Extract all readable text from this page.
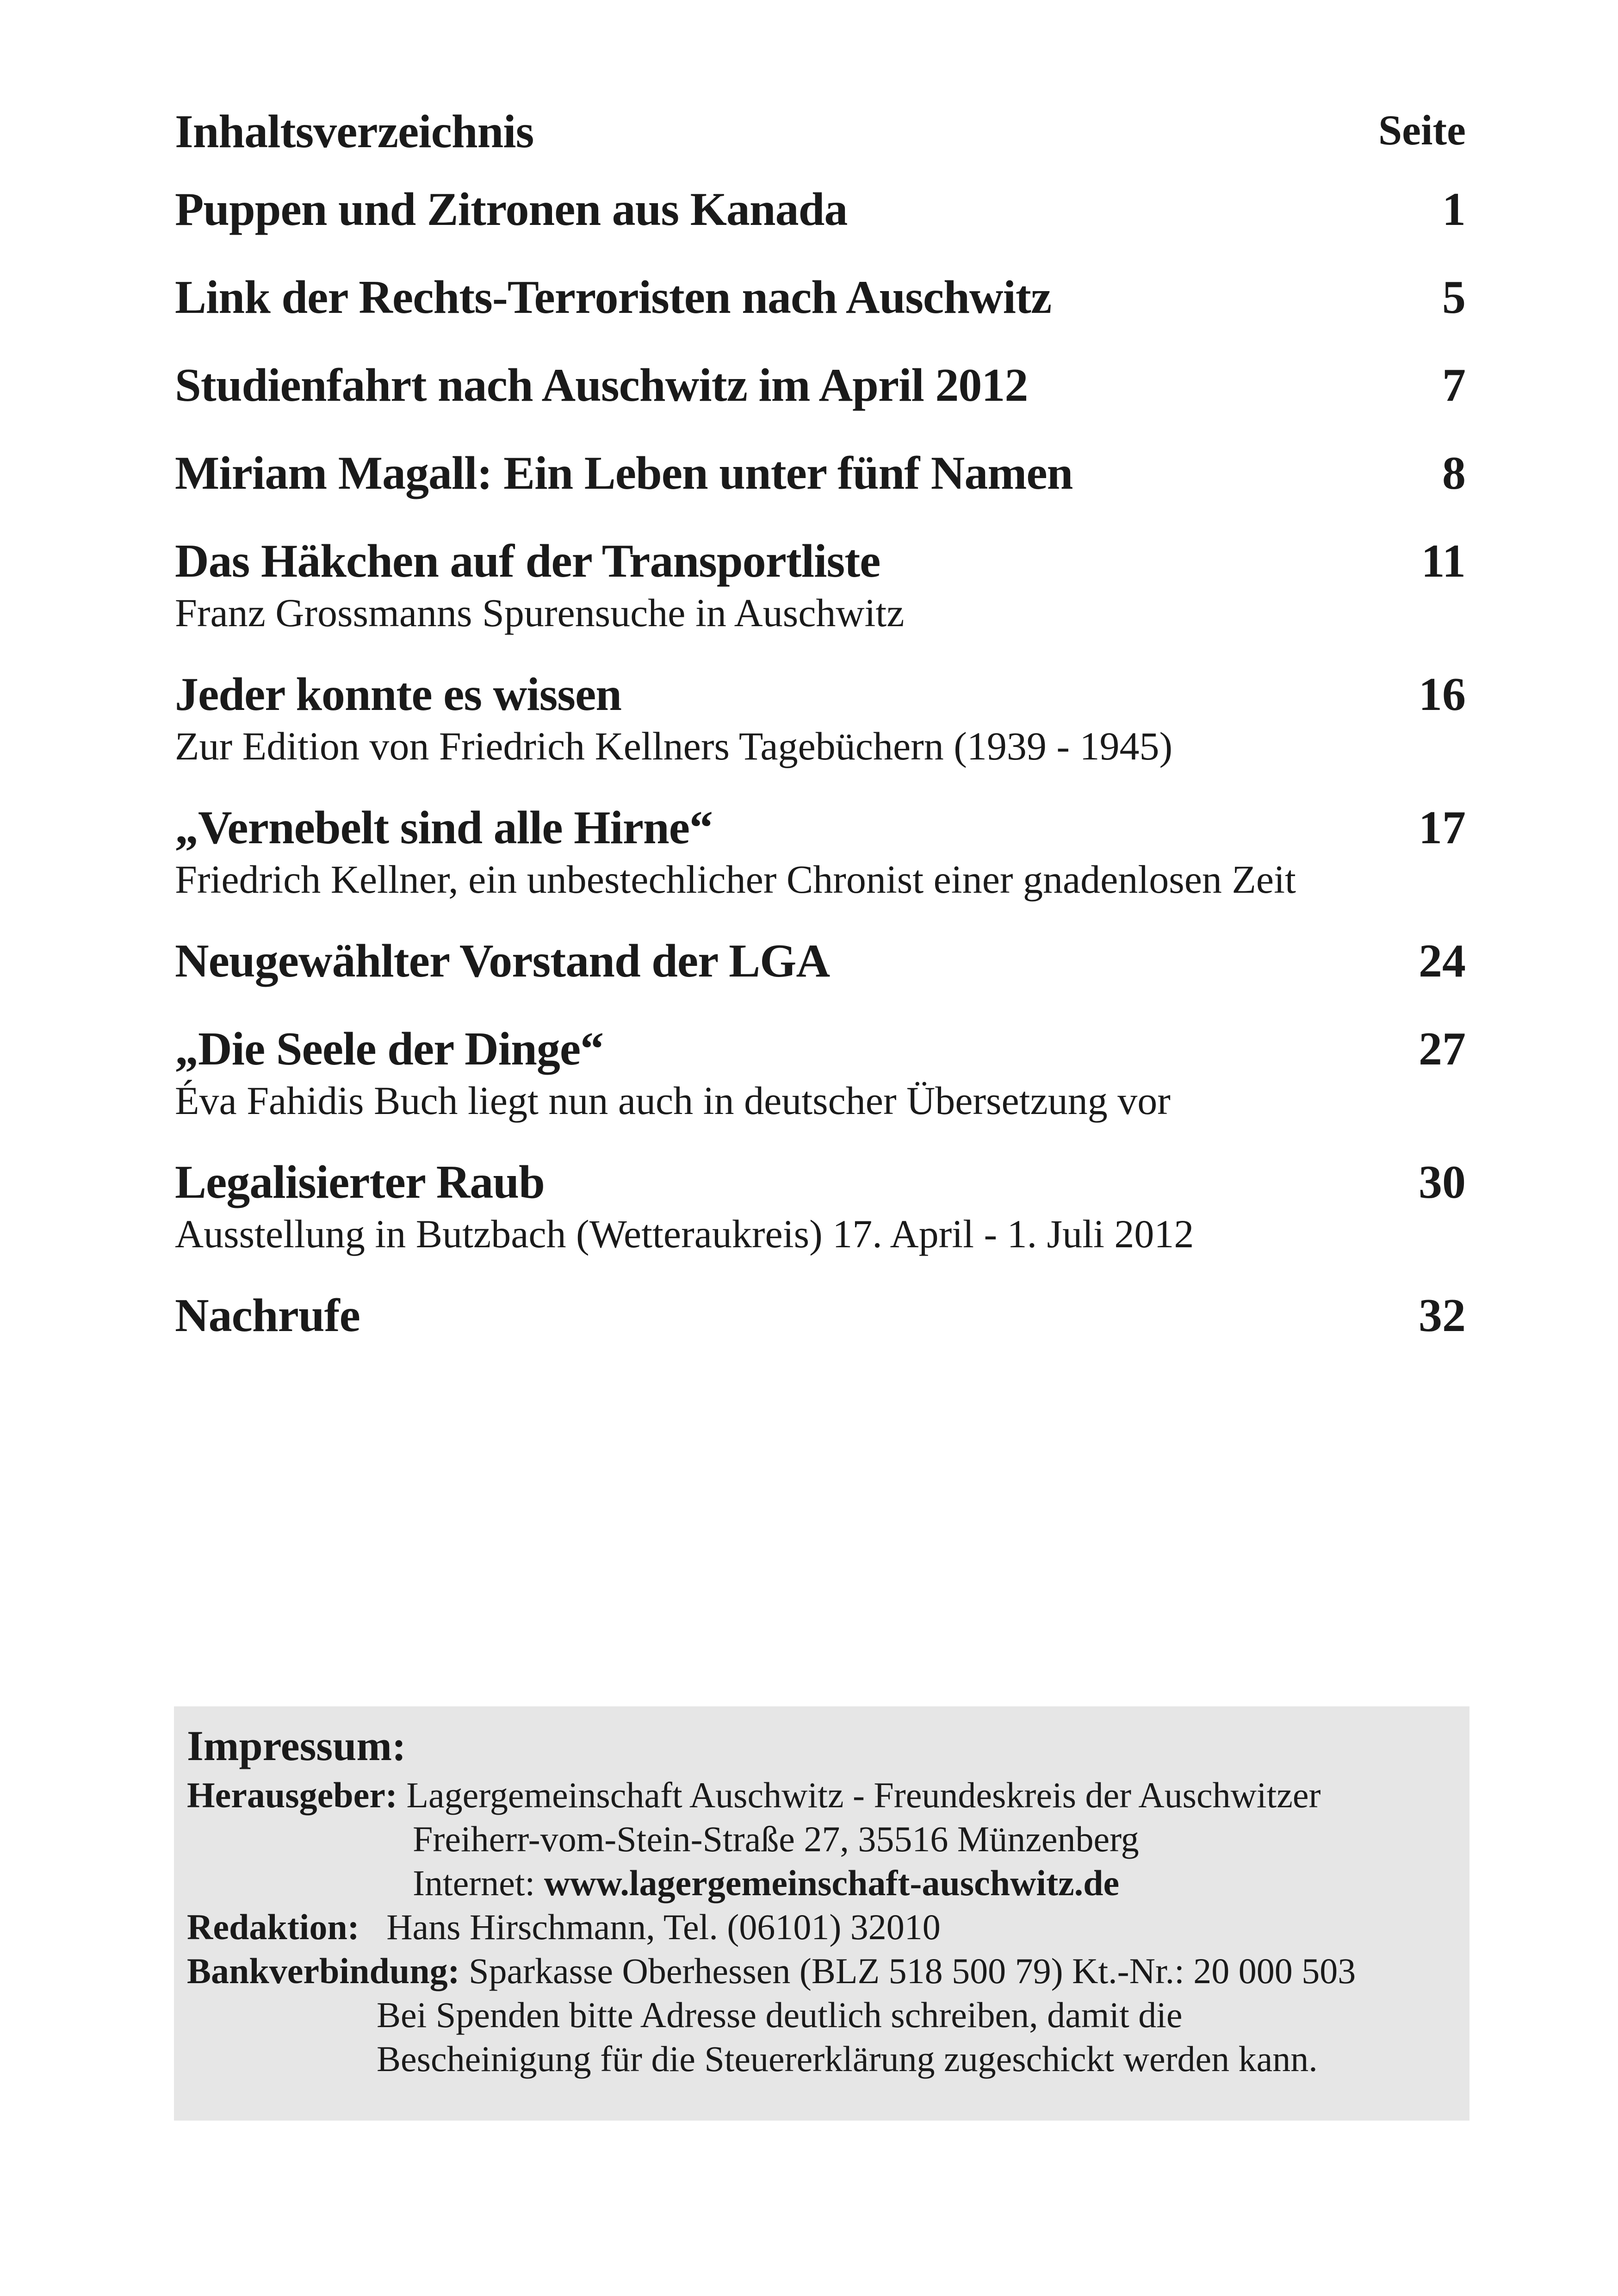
Inhaltsverzeichnis	Seite
Puppen und Zitronen aus Kanada	1
Link der Rechts-Terroristen nach Auschwitz	5
Studienfahrt nach Auschwitz im April 2012	7
Miriam Magall: Ein Leben unter fünf Namen	8
Das Häkchen auf der Transportliste	11
Franz Grossmanns Spurensuche in Auschwitz
Jeder konnte es wissen	16
Zur Edition von Friedrich Kellners Tagebüchern (1939 - 1945)
„Vernebelt sind alle Hirne“	17
Friedrich Kellner, ein unbestechlicher Chronist einer gnadenlosen Zeit
Neugewählter Vorstand der LGA	24
„Die Seele der Dinge“	27
Éva Fahidis Buch liegt nun auch in deutscher Übersetzung vor
Legalisierter Raub	30
Ausstellung in Butzbach (Wetteraukreis) 17. April - 1. Juli 2012
Nachrufe	32
Impressum:
Herausgeber: Lagergemeinschaft Auschwitz - Freundeskreis der Auschwitzer
Freiherr-vom-Stein-Straße 27, 35516 Münzenberg
Internet: www.lagergemeinschaft-auschwitz.de
Redaktion: Hans Hirschmann, Tel. (06101) 32010
Bankverbindung: Sparkasse Oberhessen (BLZ 518 500 79) Kt.-Nr.: 20 000 503
Bei Spenden bitte Adresse deutlich schreiben, damit die
Bescheinigung für die Steuererklärung zugeschickt werden kann.
